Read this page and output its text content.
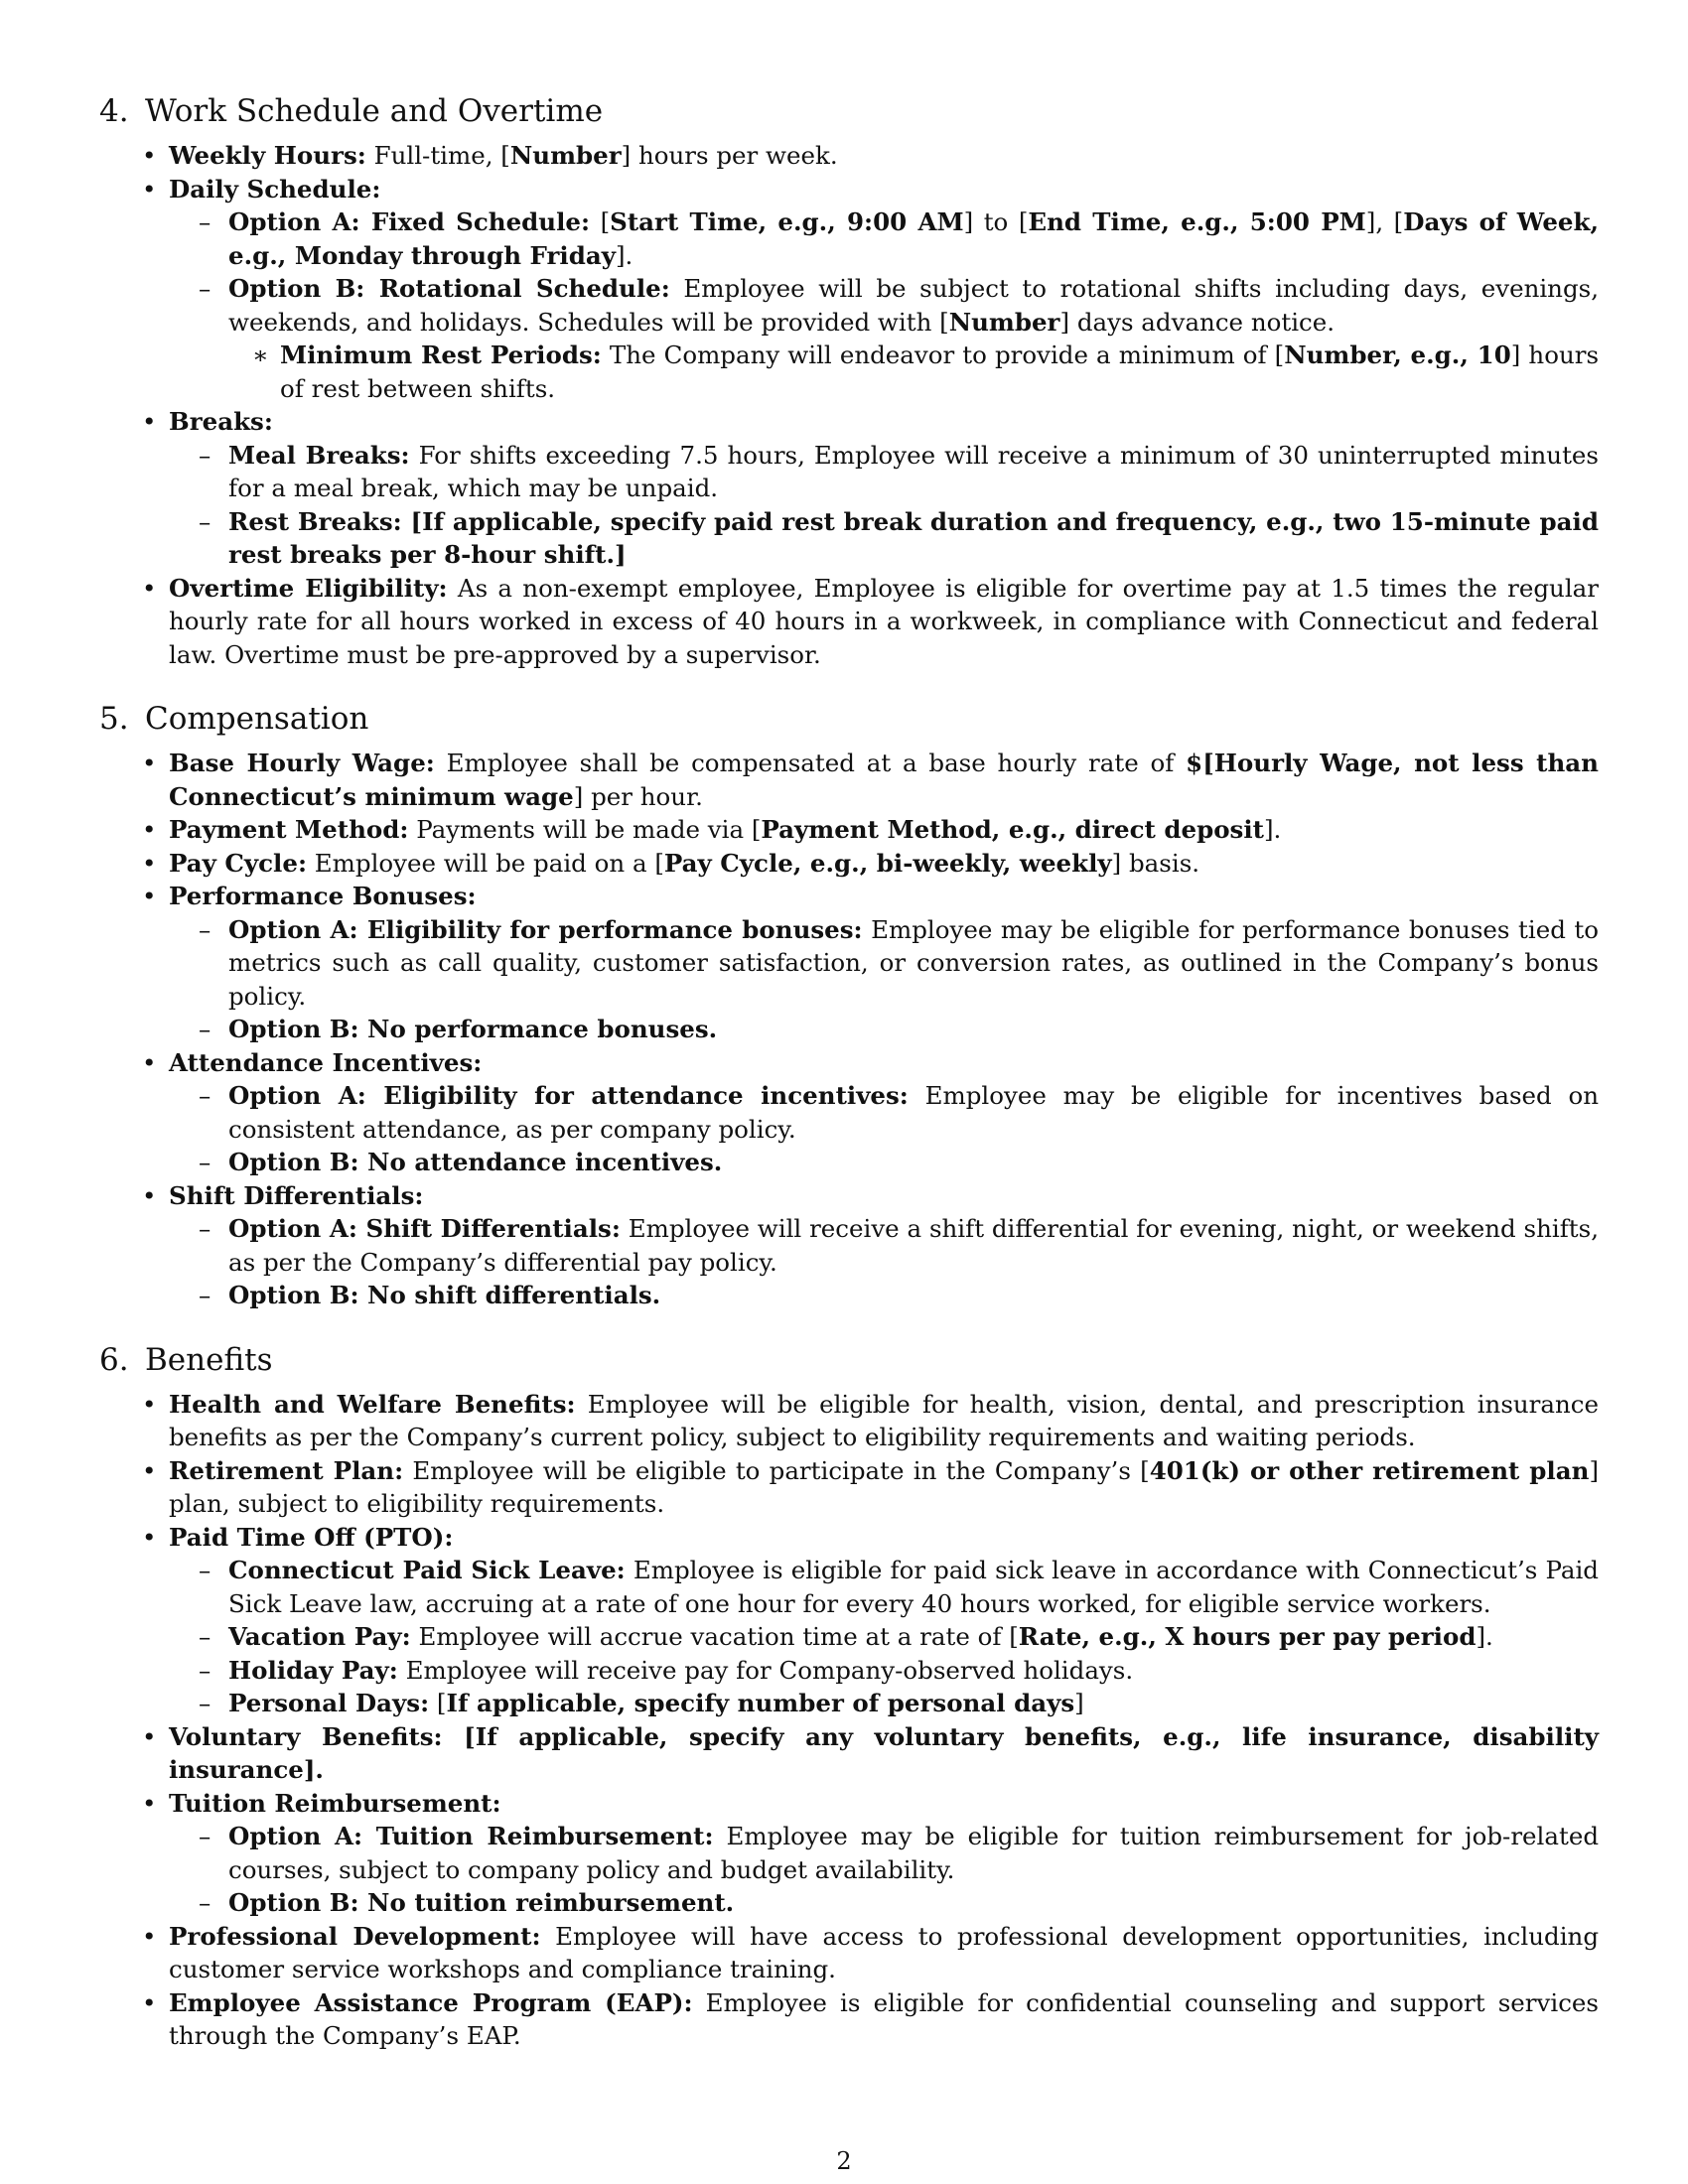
4. Work Schedule and Overtime
• Weekly Hours: Full-time, [Number] hours per week.
• Daily Schedule:
– Option A: Fixed Schedule: [Start Time, e.g., 9:00 AM] to [End Time, e.g., 5:00 PM], [Days of Week, e.g., Monday through Friday].
– Option B: Rotational Schedule: Employee will be subject to rotational shifts including days, evenings, weekends, and holidays. Schedules will be provided with [Number] days advance notice.
∗ Minimum Rest Periods: The Company will endeavor to provide a minimum of [Number, e.g., 10] hours of rest between shifts.
• Breaks:
– Meal Breaks: For shifts exceeding 7.5 hours, Employee will receive a minimum of 30 uninterrupted minutes for a meal break, which may be unpaid.
– Rest Breaks: [If applicable, specify paid rest break duration and frequency, e.g., two 15-minute paid rest breaks per 8-hour shift.]
• Overtime Eligibility: As a non-exempt employee, Employee is eligible for overtime pay at 1.5 times the regular hourly rate for all hours worked in excess of 40 hours in a workweek, in compliance with Connecticut and federal law. Overtime must be pre-approved by a supervisor.
5. Compensation
• Base Hourly Wage: Employee shall be compensated at a base hourly rate of $[Hourly Wage, not less than Connecticut’s minimum wage] per hour.
• Payment Method: Payments will be made via [Payment Method, e.g., direct deposit].
• Pay Cycle: Employee will be paid on a [Pay Cycle, e.g., bi-weekly, weekly] basis.
• Performance Bonuses:
– Option A: Eligibility for performance bonuses: Employee may be eligible for performance bonuses tied to metrics such as call quality, customer satisfaction, or conversion rates, as outlined in the Company’s bonus policy.
– Option B: No performance bonuses.
• Attendance Incentives:
– Option A: Eligibility for attendance incentives: Employee may be eligible for incentives based on consistent attendance, as per company policy.
– Option B: No attendance incentives.
• Shift Differentials:
– Option A: Shift Differentials: Employee will receive a shift differential for evening, night, or weekend shifts, as per the Company’s differential pay policy.
– Option B: No shift differentials.
6. Benefits
• Health and Welfare Benefits: Employee will be eligible for health, vision, dental, and prescription insurance benefits as per the Company’s current policy, subject to eligibility requirements and waiting periods.
• Retirement Plan: Employee will be eligible to participate in the Company’s [401(k) or other retirement plan] plan, subject to eligibility requirements.
• Paid Time Off (PTO):
– Connecticut Paid Sick Leave: Employee is eligible for paid sick leave in accordance with Connecticut’s Paid Sick Leave law, accruing at a rate of one hour for every 40 hours worked, for eligible service workers.
– Vacation Pay: Employee will accrue vacation time at a rate of [Rate, e.g., X hours per pay period].
– Holiday Pay: Employee will receive pay for Company-observed holidays.
– Personal Days: [If applicable, specify number of personal days]
• Voluntary Benefits: [If applicable, specify any voluntary benefits, e.g., life insurance, disability insurance].
• Tuition Reimbursement:
– Option A: Tuition Reimbursement: Employee may be eligible for tuition reimbursement for job-related courses, subject to company policy and budget availability.
– Option B: No tuition reimbursement.
• Professional Development: Employee will have access to professional development opportunities, including customer service workshops and compliance training.
• Employee Assistance Program (EAP): Employee is eligible for confidential counseling and support services through the Company’s EAP.
2
